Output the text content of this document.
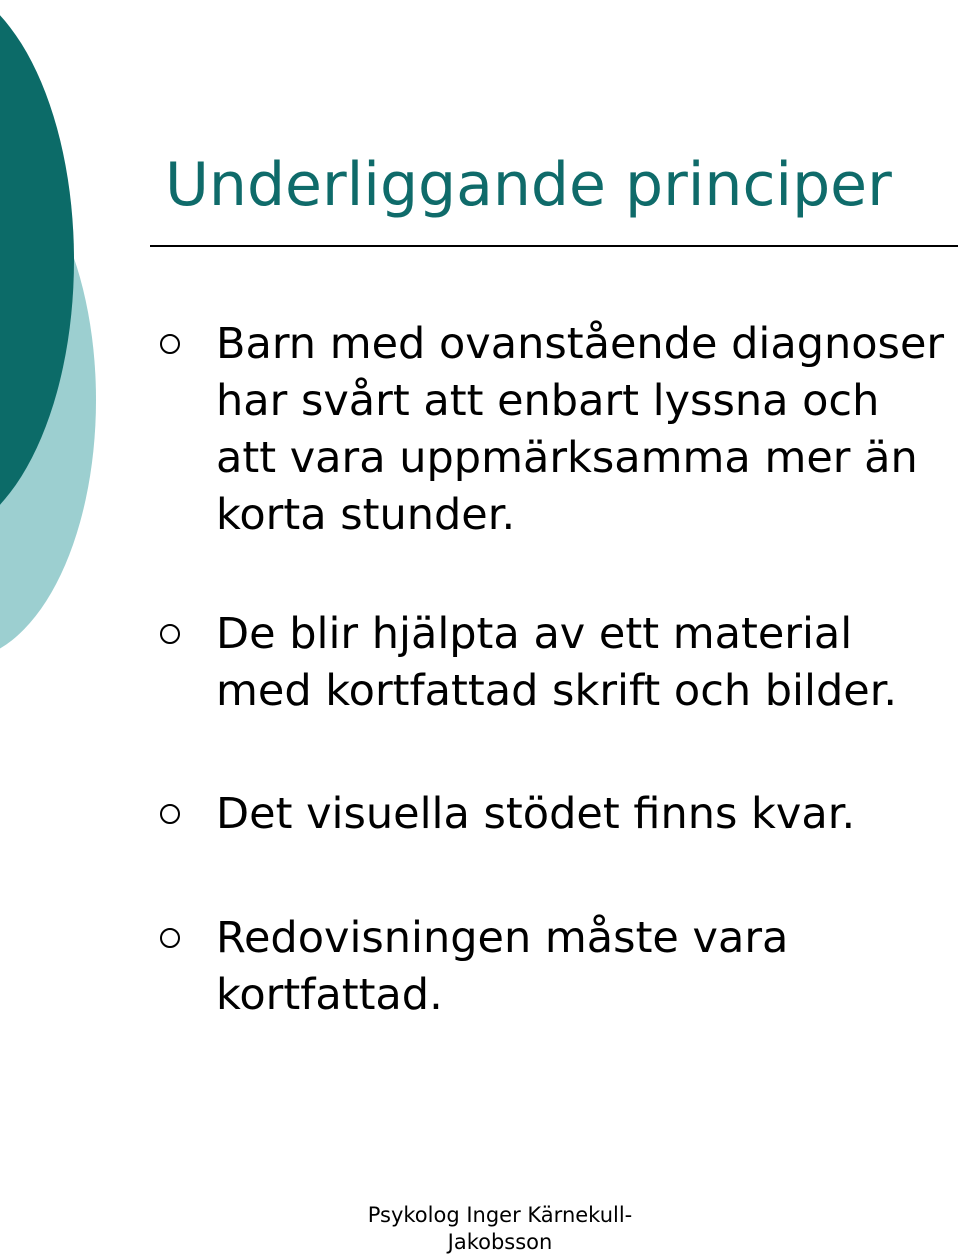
Underliggande principer
Barn med ovanstående diagnoser
har svårt att enbart lyssna och
att vara uppmärksamma mer än
korta stunder.
De blir hjälpta av ett material
med kortfattad skrift och bilder.
Det visuella stödet finns kvar.
Redovisningen måste vara
kortfattad.
Psykolog Inger Kärnekull-
Jakobsson
